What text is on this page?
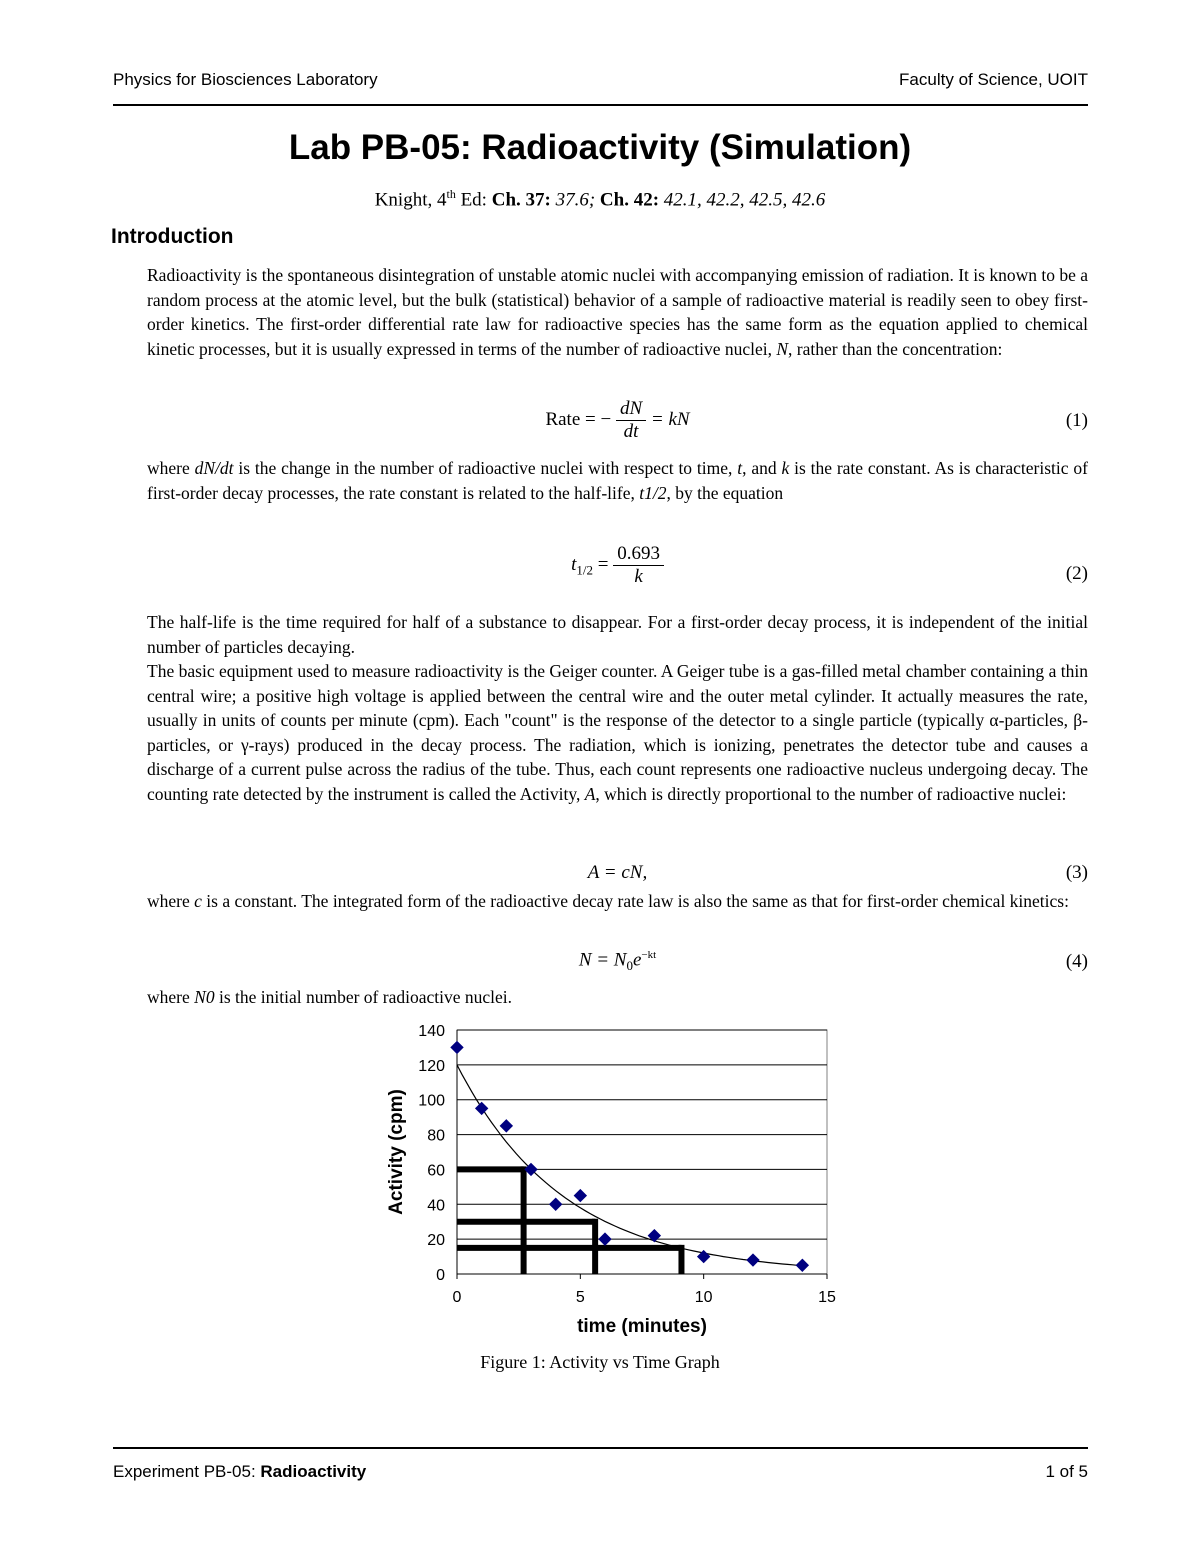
Physics for Biosciences Laboratory	Faculty of Science, UOIT
Lab PB-05: Radioactivity (Simulation)
Knight, 4th Ed: Ch. 37: 37.6; Ch. 42: 42.1, 42.2, 42.5, 42.6
Introduction
Radioactivity is the spontaneous disintegration of unstable atomic nuclei with accompanying emission of radiation. It is known to be a random process at the atomic level, but the bulk (statistical) behavior of a sample of radioactive material is readily seen to obey first-order kinetics. The first-order differential rate law for radioactive species has the same form as the equation applied to chemical kinetic processes, but it is usually expressed in terms of the number of radioactive nuclei, N, rather than the concentration:
Rate = − $\frac{dN}{dt}$ = kN	(1)
where dN/dt is the change in the number of radioactive nuclei with respect to time, t, and k is the rate constant. As is characteristic of first-order decay processes, the rate constant is related to the half-life, t1/2, by the equation
$t_{1/2} = \frac{0.693}{k}$	(2)
The half-life is the time required for half of a substance to disappear. For a first-order decay process, it is independent of the initial number of particles decaying.
The basic equipment used to measure radioactivity is the Geiger counter. A Geiger tube is a gas-filled metal chamber containing a thin central wire; a positive high voltage is applied between the central wire and the outer metal cylinder. It actually measures the rate, usually in units of counts per minute (cpm). Each "count" is the response of the detector to a single particle (typically α-particles, β-particles, or γ-rays) produced in the decay process. The radiation, which is ionizing, penetrates the detector tube and causes a discharge of a current pulse across the radius of the tube. Thus, each count represents one radioactive nucleus undergoing decay. The counting rate detected by the instrument is called the Activity, A, which is directly proportional to the number of radioactive nuclei:
A = cN,	(3)
where c is a constant. The integrated form of the radioactive decay rate law is also the same as that for first-order chemical kinetics:
$N = N_0e^{-kt}$	(4)
where N0 is the initial number of radioactive nuclei.
0
20
40
60
80
100
120
140
0	5	10	15
time (minutes)
Activity (cpm)
Figure 1: Activity vs Time Graph
Experiment PB-05: Radioactivity	1 of 5
